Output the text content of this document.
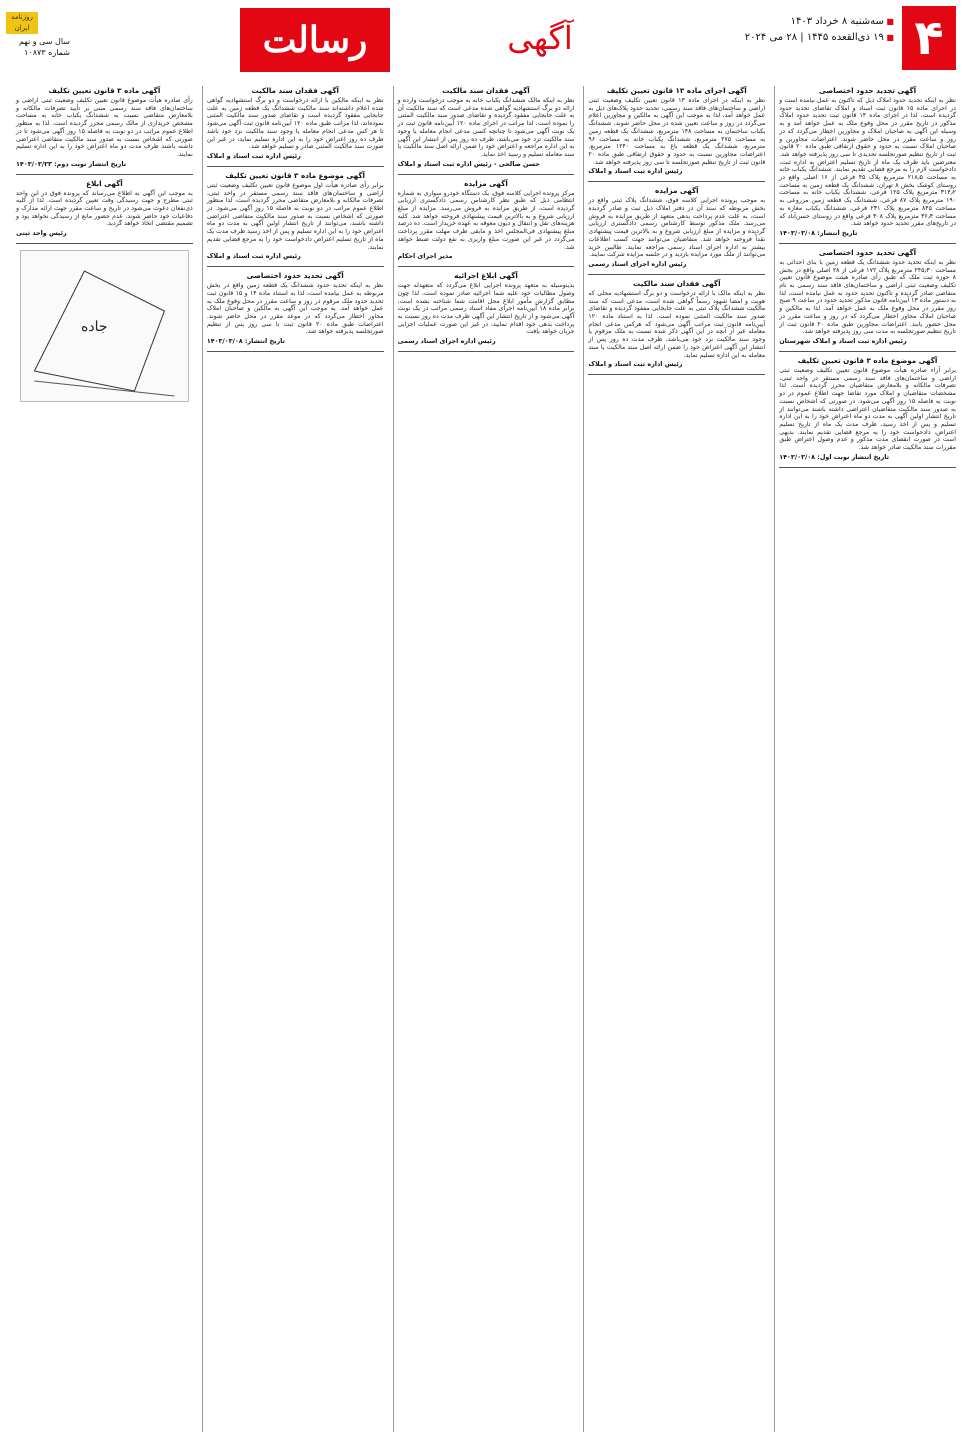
۴
■ سه‌شنبه ۸ خرداد ۱۴۰۳
■ ۱۹ ذی‌القعده ۱۴۴۵ | ۲۸ می ۲۰۲۴
آگهی
رسالت
روزنامه ایران
سال سی و نهم
شماره ۱۰۸۷۳
آگهی تجدید حدود اختصاصی
نظر به اینکه تحدید حدود املاک ذیل که تاکنون به عمل نیامده است و در اجرای ماده ۱۵ قانون ثبت اسناد و املاک تقاضای تحدید حدود گردیده است، لذا در اجرای ماده ۱۴ قانون ثبت تحدید حدود املاک مذکور در تاریخ مقرر در محل وقوع ملک به عمل خواهد آمد و به وسیله این آگهی به صاحبان املاک و مجاورین اخطار می‌گردد که در روز و ساعت مقرر در محل حاضر شوند. اعتراضات مجاورین و صاحبان املاک نسبت به حدود و حقوق ارتفاقی طبق ماده ۲۰ قانون ثبت از تاریخ تنظیم صورتجلسه تحدیدی تا سی روز پذیرفته خواهد شد. معترضین باید ظرف یک ماه از تاریخ تسلیم اعتراض به اداره ثبت، دادخواست لازم را به مرجع قضایی تقدیم نمایند. ششدانگ یکباب خانه به مساحت ۲۱۸٫۵ مترمربع پلاک ۴۵ فرعی از ۱۶ اصلی واقع در روستای کوشک بخش ۸ تهران، ششدانگ یک قطعه زمین به مساحت ۳۱۴٫۲ مترمربع پلاک ۱۲۵ فرعی، ششدانگ یکباب خانه به مساحت ۱۹۰ مترمربع پلاک ۸۷ فرعی، ششدانگ یک قطعه زمین مزروعی به مساحت ۸۴۵ مترمربع پلاک ۲۳۱ فرعی، ششدانگ یکباب مغازه به مساحت ۳۶٫۴ مترمربع پلاک ۳۰۸ فرعی واقع در روستای حسن‌آباد که در تاریخ‌های مقرر تحدید حدود خواهد شد.
تاریخ انتشار: ۱۴۰۳/۰۳/۰۸
آگهی تحدید حدود اختصاصی
نظر به اینکه تحدید حدود ششدانگ یک قطعه زمین با بنای احداثی به مساحت ۲۴۵٫۳۰ مترمربع پلاک ۱۷۲ فرعی از ۲۸ اصلی واقع در بخش ۸ حوزه ثبت ملک که طبق رأی صادره هیئت موضوع قانون تعیین تکلیف وضعیت ثبتی اراضی و ساختمان‌های فاقد سند رسمی به نام متقاضی صادر گردیده و تاکنون تحدید حدود به عمل نیامده است، لذا به دستور ماده ۱۳ آیین‌نامه قانون مذکور تحدید حدود در ساعت ۹ صبح روز مقرر در محل وقوع ملک به عمل خواهد آمد. لذا به مالکین و صاحبان املاک مجاور اخطار می‌گردد که در روز و ساعت مقرر در محل حضور یابند. اعتراضات مجاورین طبق ماده ۲۰ قانون ثبت از تاریخ تنظیم صورتجلسه به مدت سی روز پذیرفته خواهد شد.
رئیس اداره ثبت اسناد و املاک شهرستان
آگهی موضوع ماده ۳ قانون تعیین تکلیف
برابر آراء صادره هیأت موضوع قانون تعیین تکلیف وضعیت ثبتی اراضی و ساختمان‌های فاقد سند رسمی مستقر در واحد ثبتی، تصرفات مالکانه و بلامعارض متقاضیان محرز گردیده است. لذا مشخصات متقاضیان و املاک مورد تقاضا جهت اطلاع عموم در دو نوبت به فاصله ۱۵ روز آگهی می‌شود. در صورتی که اشخاص نسبت به صدور سند مالکیت متقاضیان اعتراضی داشته باشند می‌توانند از تاریخ انتشار اولین آگهی به مدت دو ماه اعتراض خود را به این اداره تسلیم و پس از اخذ رسید، ظرف مدت یک ماه از تاریخ تسلیم اعتراض، دادخواست خود را به مرجع قضایی تقدیم نمایند. بدیهی است در صورت انقضای مدت مذکور و عدم وصول اعتراض طبق مقررات سند مالکیت صادر خواهد شد.
تاریخ انتشار نوبت اول: ۱۴۰۳/۰۳/۰۸
آگهی اجرای ماده ۱۳ قانون تعیین تکلیف
نظر به اینکه در اجرای ماده ۱۳ قانون تعیین تکلیف وضعیت ثبتی اراضی و ساختمان‌های فاقد سند رسمی، تحدید حدود پلاک‌های ذیل به عمل خواهد آمد، لذا به موجب این آگهی به مالکین و مجاورین اعلام می‌گردد در روز و ساعت تعیین شده در محل حاضر شوند. ششدانگ یکباب ساختمان به مساحت ۱۴۸ مترمربع، ششدانگ یک قطعه زمین به مساحت ۲۷۵ مترمربع، ششدانگ یکباب خانه به مساحت ۹۶ مترمربع، ششدانگ یک قطعه باغ به مساحت ۱۲۴۰ مترمربع. اعتراضات مجاورین نسبت به حدود و حقوق ارتفاقی طبق ماده ۲۰ قانون ثبت از تاریخ تنظیم صورتجلسه تا سی روز پذیرفته خواهد شد.
رئیس اداره ثبت اسناد و املاک
آگهی مزایده
به موجب پرونده اجرایی کلاسه فوق، ششدانگ پلاک ثبتی واقع در بخش مربوطه که سند آن در دفتر املاک ذیل ثبت و صادر گردیده است، به علت عدم پرداخت بدهی متعهد از طریق مزایده به فروش می‌رسد. ملک مذکور توسط کارشناس رسمی دادگستری ارزیابی گردیده و مزایده از مبلغ ارزیابی شروع و به بالاترین قیمت پیشنهادی نقداً فروخته خواهد شد. متقاضیان می‌توانند جهت کسب اطلاعات بیشتر به اداره اجرای اسناد رسمی مراجعه نمایند. طالبین خرید می‌توانند از ملک مورد مزایده بازدید و در جلسه مزایده شرکت نمایند.
رئیس اداره اجرای اسناد رسمی
آگهی فقدان سند مالکیت
نظر به اینکه مالک با ارائه درخواست و دو برگ استشهادیه محلی که هویت و امضا شهود رسماً گواهی شده است، مدعی است که سند مالکیت ششدانگ پلاک ثبتی به علت جابجایی مفقود گردیده و تقاضای صدور سند مالکیت المثنی نموده است. لذا به استناد ماده ۱۲۰ آیین‌نامه قانون ثبت مراتب آگهی می‌شود که هرکس مدعی انجام معامله غیر از آنچه در این آگهی ذکر شده نسبت به ملک مرقوم یا وجود سند مالکیت نزد خود می‌باشد، ظرف مدت ده روز پس از انتشار این آگهی اعتراض خود را ضمن ارائه اصل سند مالکیت یا سند معامله به این اداره تسلیم نماید.
رئیس اداره ثبت اسناد و املاک
آگهی فقدان سند مالکیت
نظر به اینکه مالک ششدانگ یکباب خانه به موجب درخواست وارده و ارائه دو برگ استشهادیه گواهی شده مدعی است که سند مالکیت آن به علت جابجایی مفقود گردیده و تقاضای صدور سند مالکیت المثنی را نموده است. لذا مراتب در اجرای ماده ۱۲۰ آیین‌نامه قانون ثبت در یک نوبت آگهی می‌شود تا چنانچه کسی مدعی انجام معامله یا وجود سند مالکیت نزد خود می‌باشد، ظرف ده روز پس از انتشار این آگهی به این اداره مراجعه و اعتراض خود را ضمن ارائه اصل سند مالکیت یا سند معامله تسلیم و رسید اخذ نماید.
حسن صالحی - رئیس اداره ثبت اسناد و املاک
آگهی مزایده
مرکز پرونده اجرایی کلاسه فوق، یک دستگاه خودرو سواری به شماره انتظامی ذیل که طبق نظر کارشناس رسمی دادگستری ارزیابی گردیده است، از طریق مزایده به فروش می‌رسد. مزایده از مبلغ ارزیابی شروع و به بالاترین قیمت پیشنهادی فروخته خواهد شد. کلیه هزینه‌های نقل و انتقال و دیون معوقه به عهده خریدار است. ده درصد مبلغ پیشنهادی فی‌المجلس اخذ و مابقی ظرف مهلت مقرر پرداخت می‌گردد در غیر این صورت مبلغ واریزی به نفع دولت ضبط خواهد شد.
مدیر اجرای احکام
آگهی ابلاغ اجرائیه
بدینوسیله به متعهد پرونده اجرایی ابلاغ می‌گردد که متعهدله جهت وصول مطالبات خود علیه شما اجرائیه صادر نموده است، لذا چون مطابق گزارش مأمور ابلاغ محل اقامت شما شناخته نشده است، برابر ماده ۱۸ آیین‌نامه اجرای مفاد اسناد رسمی مراتب در یک نوبت آگهی می‌شود و از تاریخ انتشار این آگهی ظرف مدت ده روز نسبت به پرداخت بدهی خود اقدام نمایید، در غیر این صورت عملیات اجرایی جریان خواهد یافت.
رئیس اداره اجرای اسناد رسمی
آگهی فقدان سند مالکیت
نظر به اینکه مالکین با ارائه درخواست و دو برگ استشهادیه گواهی شده اعلام داشته‌اند سند مالکیت ششدانگ یک قطعه زمین به علت جابجایی مفقود گردیده است و تقاضای صدور سند مالکیت المثنی نموده‌اند، لذا مراتب طبق ماده ۱۲۰ آیین‌نامه قانون ثبت آگهی می‌شود تا هر کس مدعی انجام معامله یا وجود سند مالکیت نزد خود باشد ظرف ده روز اعتراض خود را به این اداره تسلیم نماید، در غیر این صورت سند مالکیت المثنی صادر و تسلیم خواهد شد.
رئیس اداره ثبت اسناد و املاک
آگهی موضوع ماده ۳ قانون تعیین تکلیف
برابر رأی صادره هیأت اول موضوع قانون تعیین تکلیف وضعیت ثبتی اراضی و ساختمان‌های فاقد سند رسمی مستقر در واحد ثبتی، تصرفات مالکانه و بلامعارض متقاضی محرز گردیده است، لذا منظور اطلاع عموم مراتب در دو نوبت به فاصله ۱۵ روز آگهی می‌شود. در صورتی که اشخاص نسبت به صدور سند مالکیت متقاضی اعتراضی داشته باشند، می‌توانند از تاریخ انتشار اولین آگهی به مدت دو ماه اعتراض خود را به این اداره تسلیم و پس از اخذ رسید ظرف مدت یک ماه از تاریخ تسلیم اعتراض دادخواست خود را به مرجع قضایی تقدیم نمایند.
رئیس اداره ثبت اسناد و املاک
آگهی تحدید حدود اختصاصی
نظر به اینکه تحدید حدود ششدانگ یک قطعه زمین واقع در بخش مربوطه به عمل نیامده است، لذا به استناد ماده ۱۴ و ۱۵ قانون ثبت تحدید حدود ملک مرقوم در روز و ساعت مقرر در محل وقوع ملک به عمل خواهد آمد. به موجب این آگهی به مالکین و صاحبان املاک مجاور اخطار می‌گردد که در موعد مقرر در محل حاضر شوند. اعتراضات طبق ماده ۲۰ قانون ثبت تا سی روز پس از تنظیم صورتجلسه پذیرفته خواهد شد.
تاریخ انتشار: ۱۴۰۳/۰۳/۰۸
آگهی ماده ۳ قانون تعیین تکلیف
رأی صادره هیأت موضوع قانون تعیین تکلیف وضعیت ثبتی اراضی و ساختمان‌های فاقد سند رسمی مبنی بر تأیید تصرفات مالکانه و بلامعارض متقاضی نسبت به ششدانگ یکباب خانه به مساحت مشخص خریداری از مالک رسمی محرز گردیده است. لذا به منظور اطلاع عموم مراتب در دو نوبت به فاصله ۱۵ روز آگهی می‌شود تا در صورتی که اشخاص نسبت به صدور سند مالکیت متقاضی اعتراضی داشته باشند ظرف مدت دو ماه اعتراض خود را به این اداره تسلیم نمایند.
تاریخ انتشار نوبت دوم: ۱۴۰۳/۰۳/۲۳
آگهی ابلاغ
به موجب این آگهی به اطلاع می‌رساند که پرونده فوق در این واحد ثبتی مطرح و جهت رسیدگی وقت تعیین گردیده است. لذا از کلیه ذی‌نفعان دعوت می‌شود در تاریخ و ساعت مقرر جهت ارائه مدارک و دفاعیات خود حاضر شوند. عدم حضور مانع از رسیدگی نخواهد بود و تصمیم مقتضی اتخاذ خواهد گردید.
رئیس واحد ثبتی
جاده
